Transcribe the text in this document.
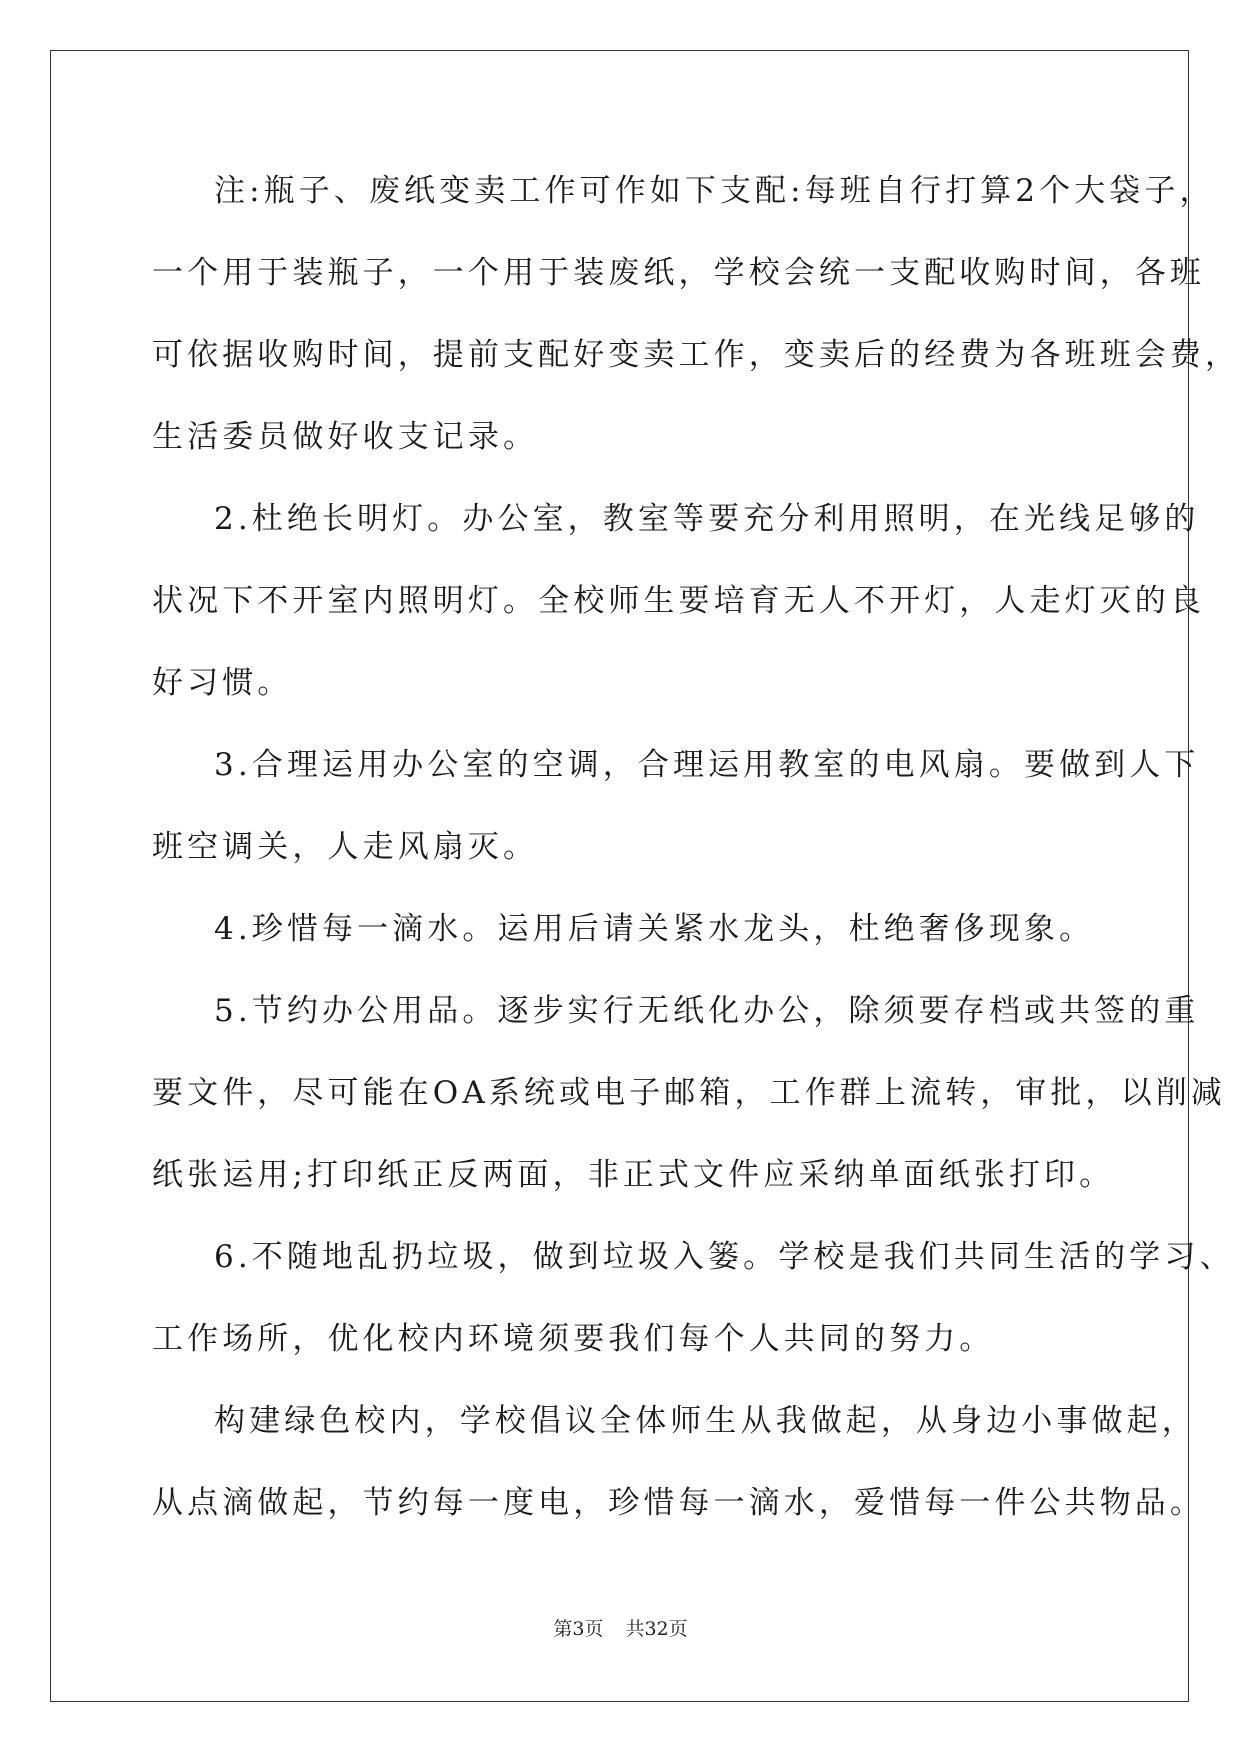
注:瓶子、废纸变卖工作可作如下支配:每班自行打算2个大袋子，

一个用于装瓶子，一个用于装废纸，学校会统一支配收购时间，各班

可依据收购时间，提前支配好变卖工作，变卖后的经费为各班班会费，

生活委员做好收支记录。

2.杜绝长明灯。办公室，教室等要充分利用照明，在光线足够的

状况下不开室内照明灯。全校师生要培育无人不开灯，人走灯灭的良

好习惯。

3.合理运用办公室的空调，合理运用教室的电风扇。要做到人下

班空调关，人走风扇灭。

4.珍惜每一滴水。运用后请关紧水龙头，杜绝奢侈现象。

5.节约办公用品。逐步实行无纸化办公，除须要存档或共签的重

要文件，尽可能在OA系统或电子邮箱，工作群上流转，审批，以削减

纸张运用;打印纸正反两面，非正式文件应采纳单面纸张打印。

6.不随地乱扔垃圾，做到垃圾入篓。学校是我们共同生活的学习、

工作场所，优化校内环境须要我们每个人共同的努力。

构建绿色校内，学校倡议全体师生从我做起，从身边小事做起，

从点滴做起，节约每一度电，珍惜每一滴水，爱惜每一件公共物品。

第3页 共32页
